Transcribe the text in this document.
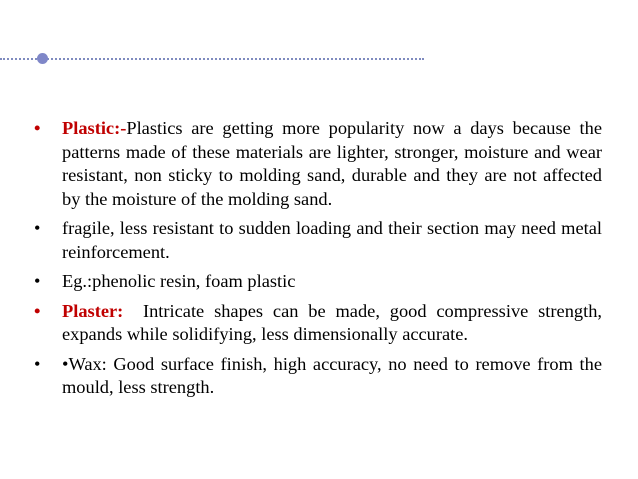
• Plastic:-Plastics are getting more popularity now a days because the patterns made of these materials are lighter, stronger, moisture and wear resistant, non sticky to molding sand, durable and they are not affected by the moisture of the molding sand.
• fragile, less resistant to sudden loading and their section may need metal reinforcement.
• Eg.:phenolic resin, foam plastic
• Plaster:  Intricate shapes can be made, good compressive strength, expands while solidifying, less dimensionally accurate.
• •Wax: Good surface finish, high accuracy, no need to remove from the mould, less strength.
